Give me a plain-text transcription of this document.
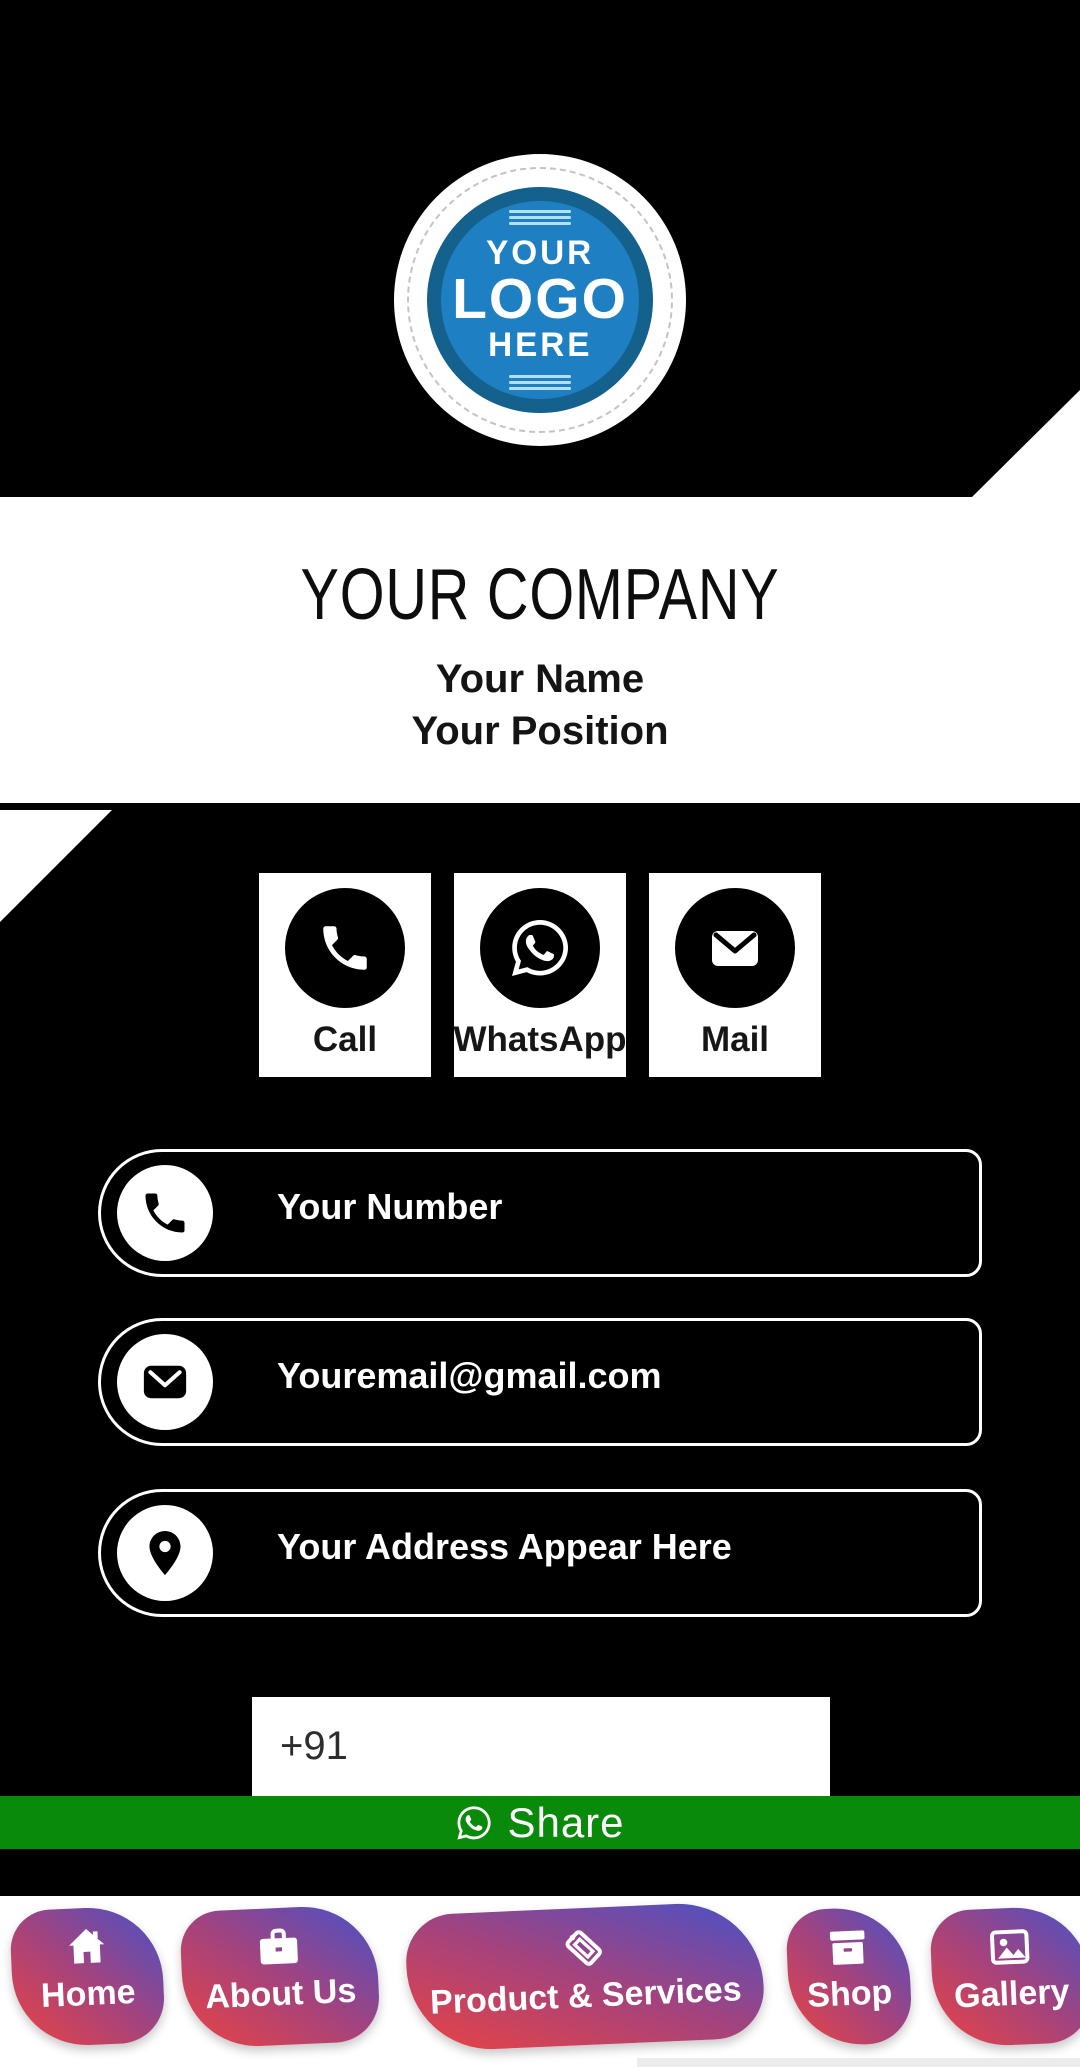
YOUR
LOGO
HERE
YOUR COMPANY
Your Name
Your Position
Call WhatsApp Mail
Your Number
Youremail@gmail.com
Your Address Appear Here
+91
Share
Home About Us Product & Services Shop Gallery
